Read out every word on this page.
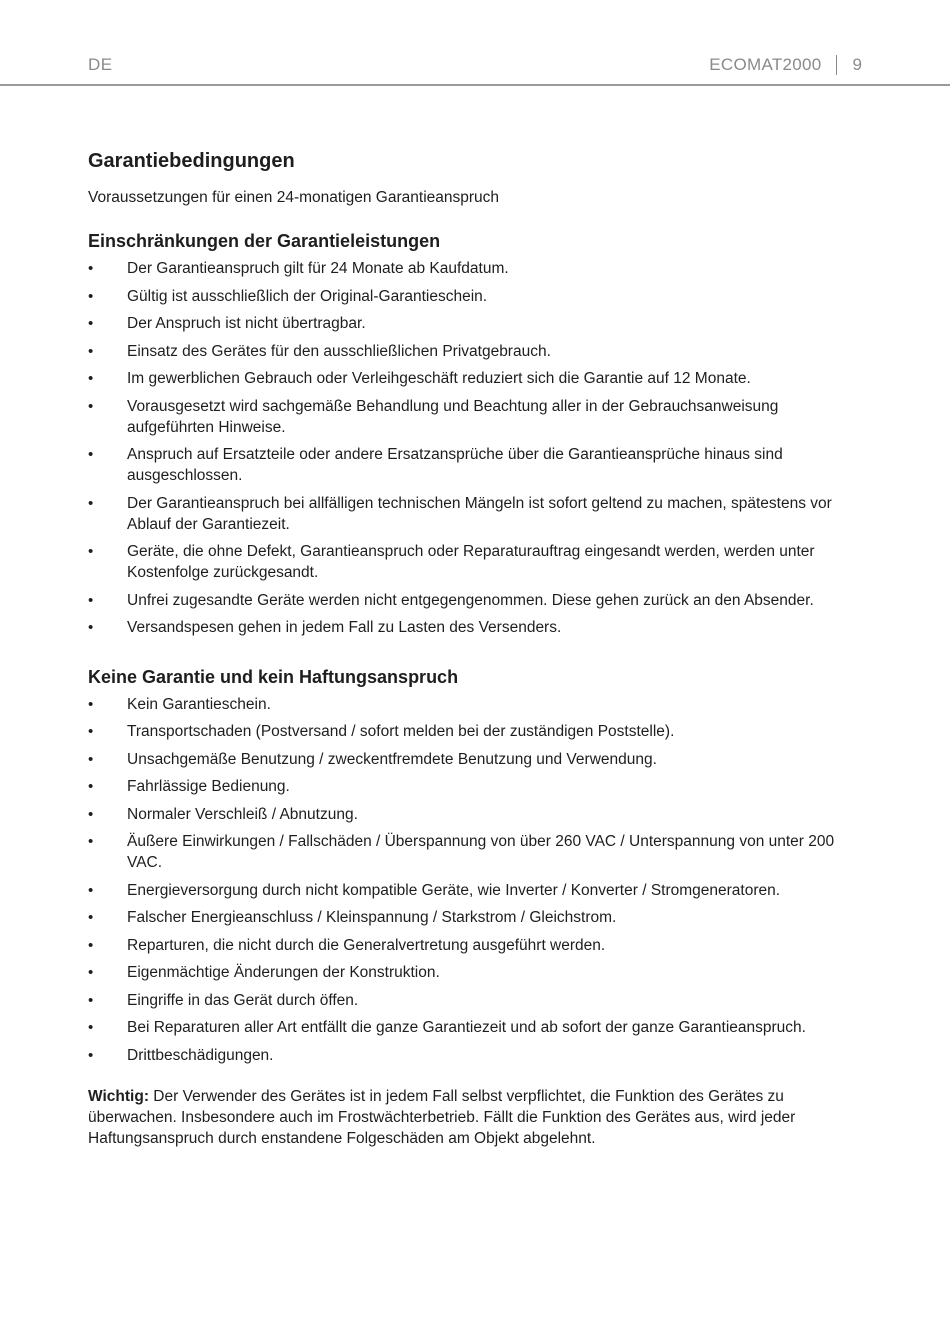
DE	ECOMAT2000 9
Garantiebedingungen

Voraussetzungen für einen 24-monatigen Garantieanspruch

Einschränkungen der Garantieleistungen
• Der Garantieanspruch gilt für 24 Monate ab Kaufdatum.
• Gültig ist ausschließlich der Original-Garantieschein.
• Der Anspruch ist nicht übertragbar.
• Einsatz des Gerätes für den ausschließlichen Privatgebrauch.
• Im gewerblichen Gebrauch oder Verleihgeschäft reduziert sich die Garantie auf 12 Monate.
• Vorausgesetzt wird sachgemäße Behandlung und Beachtung aller in der Gebrauchsanweisung aufgeführten Hinweise.
• Anspruch auf Ersatzteile oder andere Ersatzansprüche über die Garantieansprüche hinaus sind ausgeschlossen.
• Der Garantieanspruch bei allfälligen technischen Mängeln ist sofort geltend zu machen, spätestens vor Ablauf der Garantiezeit.
• Geräte, die ohne Defekt, Garantieanspruch oder Reparaturauftrag eingesandt werden, werden unter Kostenfolge zurückgesandt.
• Unfrei zugesandte Geräte werden nicht entgegengenommen. Diese gehen zurück an den Absender.
• Versandspesen gehen in jedem Fall zu Lasten des Versenders.
Keine Garantie und kein Haftungsanspruch
• Kein Garantieschein.
• Transportschaden (Postversand / sofort melden bei der zuständigen Poststelle).
• Unsachgemäße Benutzung / zweckentfremdete Benutzung und Verwendung.
• Fahrlässige Bedienung.
• Normaler Verschleiß / Abnutzung.
• Äußere Einwirkungen / Fallschäden / Überspannung von über 260 VAC / Unterspannung von unter 200 VAC.
• Energieversorgung durch nicht kompatible Geräte, wie Inverter / Konverter / Stromgeneratoren.
• Falscher Energieanschluss / Kleinspannung / Starkstrom / Gleichstrom.
• Reparturen, die nicht durch die Generalvertretung ausgeführt werden.
• Eigenmächtige Änderungen der Konstruktion.
• Eingriffe in das Gerät durch öffen.
• Bei Reparaturen aller Art entfällt die ganze Garantiezeit und ab sofort der ganze Garantieanspruch.
• Drittbeschädigungen.

Wichtig: Der Verwender des Gerätes ist in jedem Fall selbst verpflichtet, die Funktion des Gerätes zu überwachen. Insbesondere auch im Frostwächterbetrieb. Fällt die Funktion des Gerätes aus, wird jeder Haftungsanspruch durch enstandene Folgeschäden am Objekt abgelehnt.
